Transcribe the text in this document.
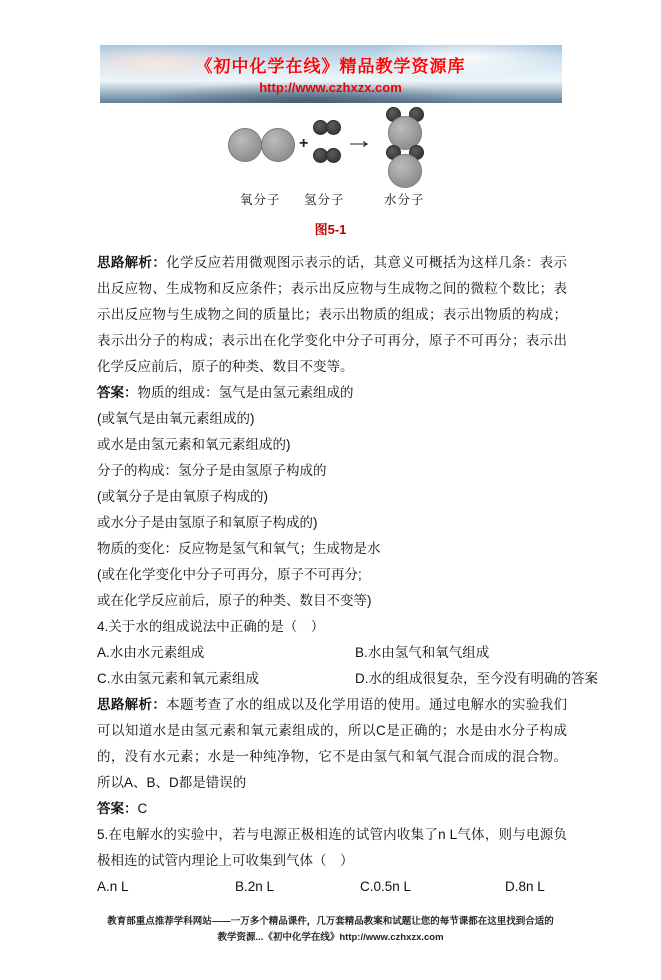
《初中化学在线》精品教学资源库
http://www.czhxzx.com
+ →
氧分子 氢分子	水分子
图5-1

思路解析：化学反应若用微观图示表示的话，其意义可概括为这样几条：表示出反应物、生成物和反应条件；表示出反应物与生成物之间的微粒个数比；表示出反应物与生成物之间的质量比；表示出物质的组成；表示出物质的构成；表示出分子的构成；表示出在化学变化中分子可再分，原子不可再分；表示出化学反应前后，原子的种类、数目不变等。

答案：物质的组成：氢气是由氢元素组成的

(或氧气是由氧元素组成的)

或水是由氢元素和氧元素组成的)

分子的构成：氢分子是由氢原子构成的

(或氧分子是由氧原子构成的)

或水分子是由氢原子和氧原子构成的)

物质的变化：反应物是氢气和氧气；生成物是水

(或在化学变化中分子可再分，原子不可再分;

或在化学反应前后，原子的种类、数目不变等)

4.关于水的组成说法中正确的是（　）

A.水由水元素组成	B.水由氢气和氧气组成
C.水由氢元素和氧元素组成	D.水的组成很复杂，至今没有明确的答案

思路解析：本题考查了水的组成以及化学用语的使用。通过电解水的实验我们可以知道水是由氢元素和氧元素组成的，所以C是正确的；水是由水分子构成的，没有水元素；水是一种纯净物，它不是由氢气和氧气混合而成的混合物。所以A、B、D都是错误的

答案：C

5.在电解水的实验中，若与电源正极相连的试管内收集了n L气体，则与电源负极相连的试管内理论上可收集到气体（　）

A.n L	B.2n L	C.0.5n L	D.8n L
教育部重点推荐学科网站——一万多个精品课件，几万套精品教案和试题让您的每节课都在这里找到合适的
教学资源...《初中化学在线》http://www.czhxzx.com
